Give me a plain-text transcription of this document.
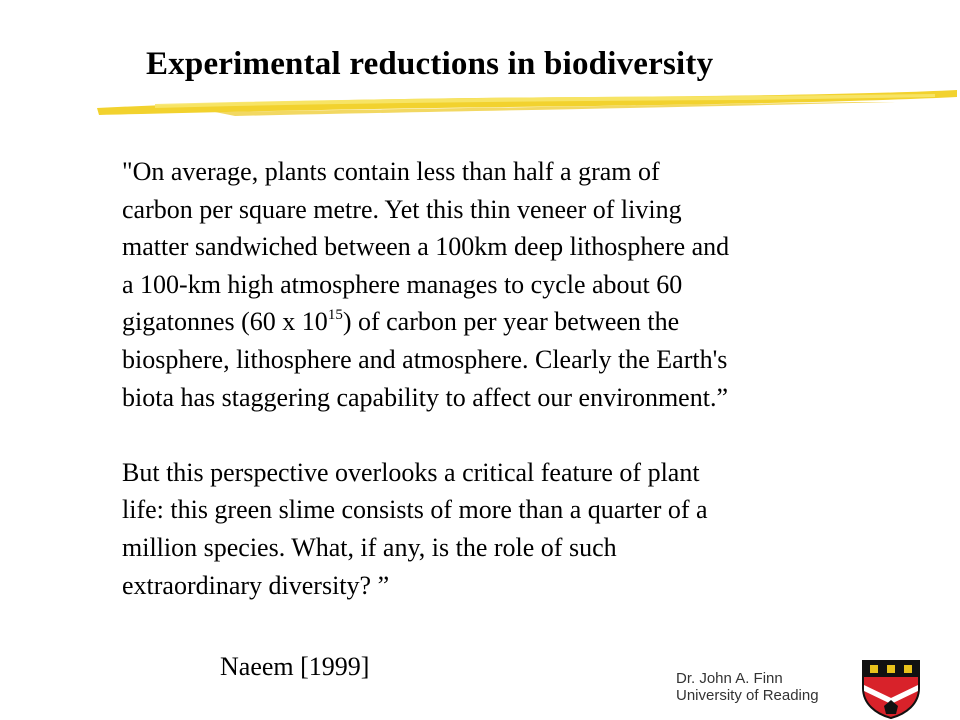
Experimental reductions in biodiversity

"On average, plants contain less than half a gram of

carbon per square metre. Yet this thin veneer of living

matter sandwiched between a 100km deep lithosphere and

a 100-km high atmosphere manages to cycle about 60

gigatonnes (60 x $10^{15}$) of carbon per year between the

biosphere, lithosphere and atmosphere. Clearly the Earth's

biota has staggering capability to affect our environment.”

But this perspective overlooks a critical feature of plant

life: this green slime consists of more than a quarter of a

million species. What, if any, is the role of such

extraordinary diversity? ”

Naeem [1999]	Dr. John A. Finn
University of Reading
